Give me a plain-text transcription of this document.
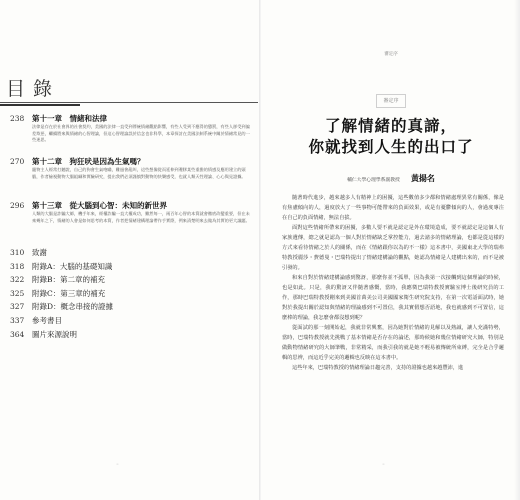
目 錄
238	第十一章　情緒和法律
法律是存在於社會界的社會契約，美國的法律一直受到傳統情緒觀點影響，有些人受到不應得的懲罰，有些人卻受到偏差欺惡，繼續將來與情緒的心智理論，但這心智理論誤於信念也非科學，本章探討在美國法制系統中關於情緒常見的一些迷思。
270	第十二章　狗狂吠是因為生氣嗎？
寵物主人經常打聽說，自己的狗會生氣咆嘯，難過會亂叫，這些想像從而延伸到遷移某些重擔的情感及應用建立的頭腦，作者檢視動物大腦組織和實驗研究，提出我們必須謹慎對動物的快樂感受，也就人類天性理論、心心與見證據。
296	第十三章　從大腦到心智：未知的新世界
人類的大腦是詐騙大師，機手年來，經權詐騙一直大權成功，難然每一，兩百年心智的本質就會徹底改變重要，但在未來幾年之下，情緒的人會是如何思考的本質，作者把情緒建構理論帶作手實際，例來清楚明來去做為其實的更大議題。
310	致謝
318	附錄A：大腦的基礎知識
322	附錄B：第二章的補充
325	附錄C：第三章的補充
327	附錄D：概念串接的證據
337	參考書目
364	圖片來源說明
◦
審定序
審定序
了解情緒的真諦，
你就找到人生的出口了
輔仁大學心理學系副教授 黃揚名

隨著時代進步，越來越多人有精神上的困擾，這些數值多少都和情緒處理異常有關係，像是有焦慮傾向的人，過度放大了一些事物可能帶來的負面效果，或是有憂鬱傾向的人，會過度專注在自己的負面情緒，無法自拔。

面對這些情緒所帶來的困擾，多數人要不就是認定是外在環境造成，要不就認定是這個人有家族遺傳，總之就是認為一個人對於情緒缺乏掌控能力，過去諸多的情緒理論，也都是從這樣的方式來看待情緒之於人的關係，而在《情緒跟你以為的不一樣》這本書中，美國東北大學的瑞弗特教授麗莎・費德曼・巴瑞特提出了情緒建構論的觀點，她認為情緒是人建構出來的，而不是被引發的。

和來自對於情緒建構論感到驚訝，那麼你並不孤單，因為我第一次接觸到這個理論的時候，也是如此。只是，我的驚訝又伴隨著感慨，當時，我應徵巴瑞特教授實驗室博士後研究員的工作，那時巴瑞特教授剛來到美國首萬美公司美國國家衛生研究院支持，在第一次電話面試時，她對於我提出關於認知與情緒的理論感到不可置信，我其實假想否語地，我也就感到不可置信，這麼棒的理論，我怎麼會都沒想到呢？

從面試的那一刻開始起，我就非常興奮，因為她對於情緒的見解以及熱誠，讓人充滿特勢，當時，巴瑞特教授就先挑戰了基本情緒是否存在的論述，那時候她和幾位情緒研究大師，特別是做動物情緒研究的大師筆戰，非常精采，而我引我的就是她不輕易被傳統所束縛，完全是合乎邏輯的思辨，而這近乎完美的邏輯也反映在這本書中。

這些年來，巴瑞特教授的情緒理論日趨完善，支持的證據也越來越豐沛，進

◦
